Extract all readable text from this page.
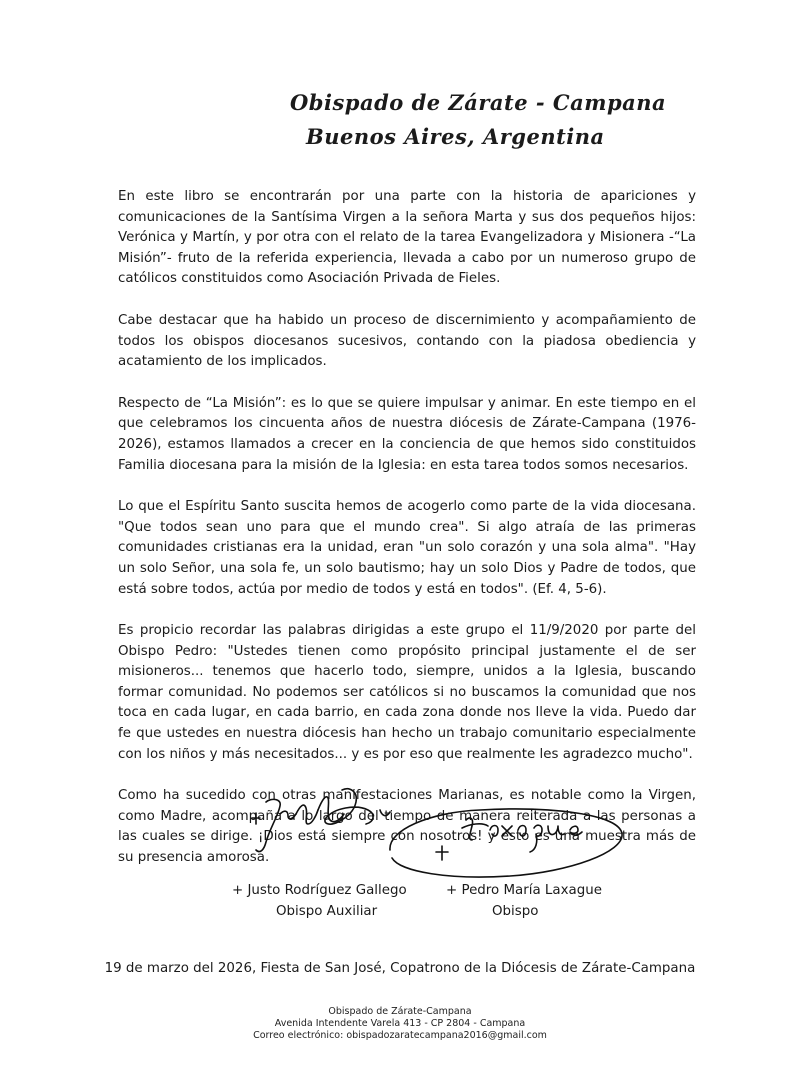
Obispado de Zárate - Campana
Buenos Aires, Argentina

En este libro se encontrarán por una parte con la historia de apariciones y comunicaciones de la Santísima Virgen a la señora Marta y sus dos pequeños hijos: Verónica y Martín, y por otra con el relato de la tarea Evangelizadora y Misionera -“La Misión”- fruto de la referida experiencia, llevada a cabo por un numeroso grupo de católicos constituidos como Asociación Privada de Fieles.

Cabe destacar que ha habido un proceso de discernimiento y acompañamiento de todos los obispos diocesanos sucesivos, contando con la piadosa obediencia y acatamiento de los implicados.

Respecto de “La Misión”: es lo que se quiere impulsar y animar. En este tiempo en el que celebramos los cincuenta años de nuestra diócesis de Zárate-Campana (1976-2026), estamos llamados a crecer en la conciencia de que hemos sido constituidos Familia diocesana para la misión de la Iglesia: en esta tarea todos somos necesarios.

Lo que el Espíritu Santo suscita hemos de acogerlo como parte de la vida diocesana. "Que todos sean uno para que el mundo crea". Si algo atraía de las primeras comunidades cristianas era la unidad, eran "un solo corazón y una sola alma". "Hay un solo Señor, una sola fe, un solo bautismo; hay un solo Dios y Padre de todos, que está sobre todos, actúa por medio de todos y está en todos". (Ef. 4, 5-6).

Es propicio recordar las palabras dirigidas a este grupo el 11/9/2020 por parte del Obispo Pedro: "Ustedes tienen como propósito principal justamente el de ser misioneros... tenemos que hacerlo todo, siempre, unidos a la Iglesia, buscando formar comunidad. No podemos ser católicos si no buscamos la comunidad que nos toca en cada lugar, en cada barrio, en cada zona donde nos lleve la vida. Puedo dar fe que ustedes en nuestra diócesis han hecho un trabajo comunitario especialmente con los niños y más necesitados... y es por eso que realmente les agradezco mucho".

Como ha sucedido con otras manifestaciones Marianas, es notable como la Virgen, como Madre, acompaña a lo largo del tiempo de manera reiterada a las personas a las cuales se dirige. ¡Dios está siempre con nosotros! y esto es una muestra más de su presencia amorosa.

+ Justo Rodríguez Gallego
Obispo Auxiliar
+ Pedro María Laxague
Obispo
19 de marzo del 2026, Fiesta de San José, Copatrono de la Diócesis de Zárate-Campana
Obispado de Zárate-Campana
Avenida Intendente Varela 413 - CP 2804 - Campana
Correo electrónico: obispadozaratecampana2016@gmail.com
